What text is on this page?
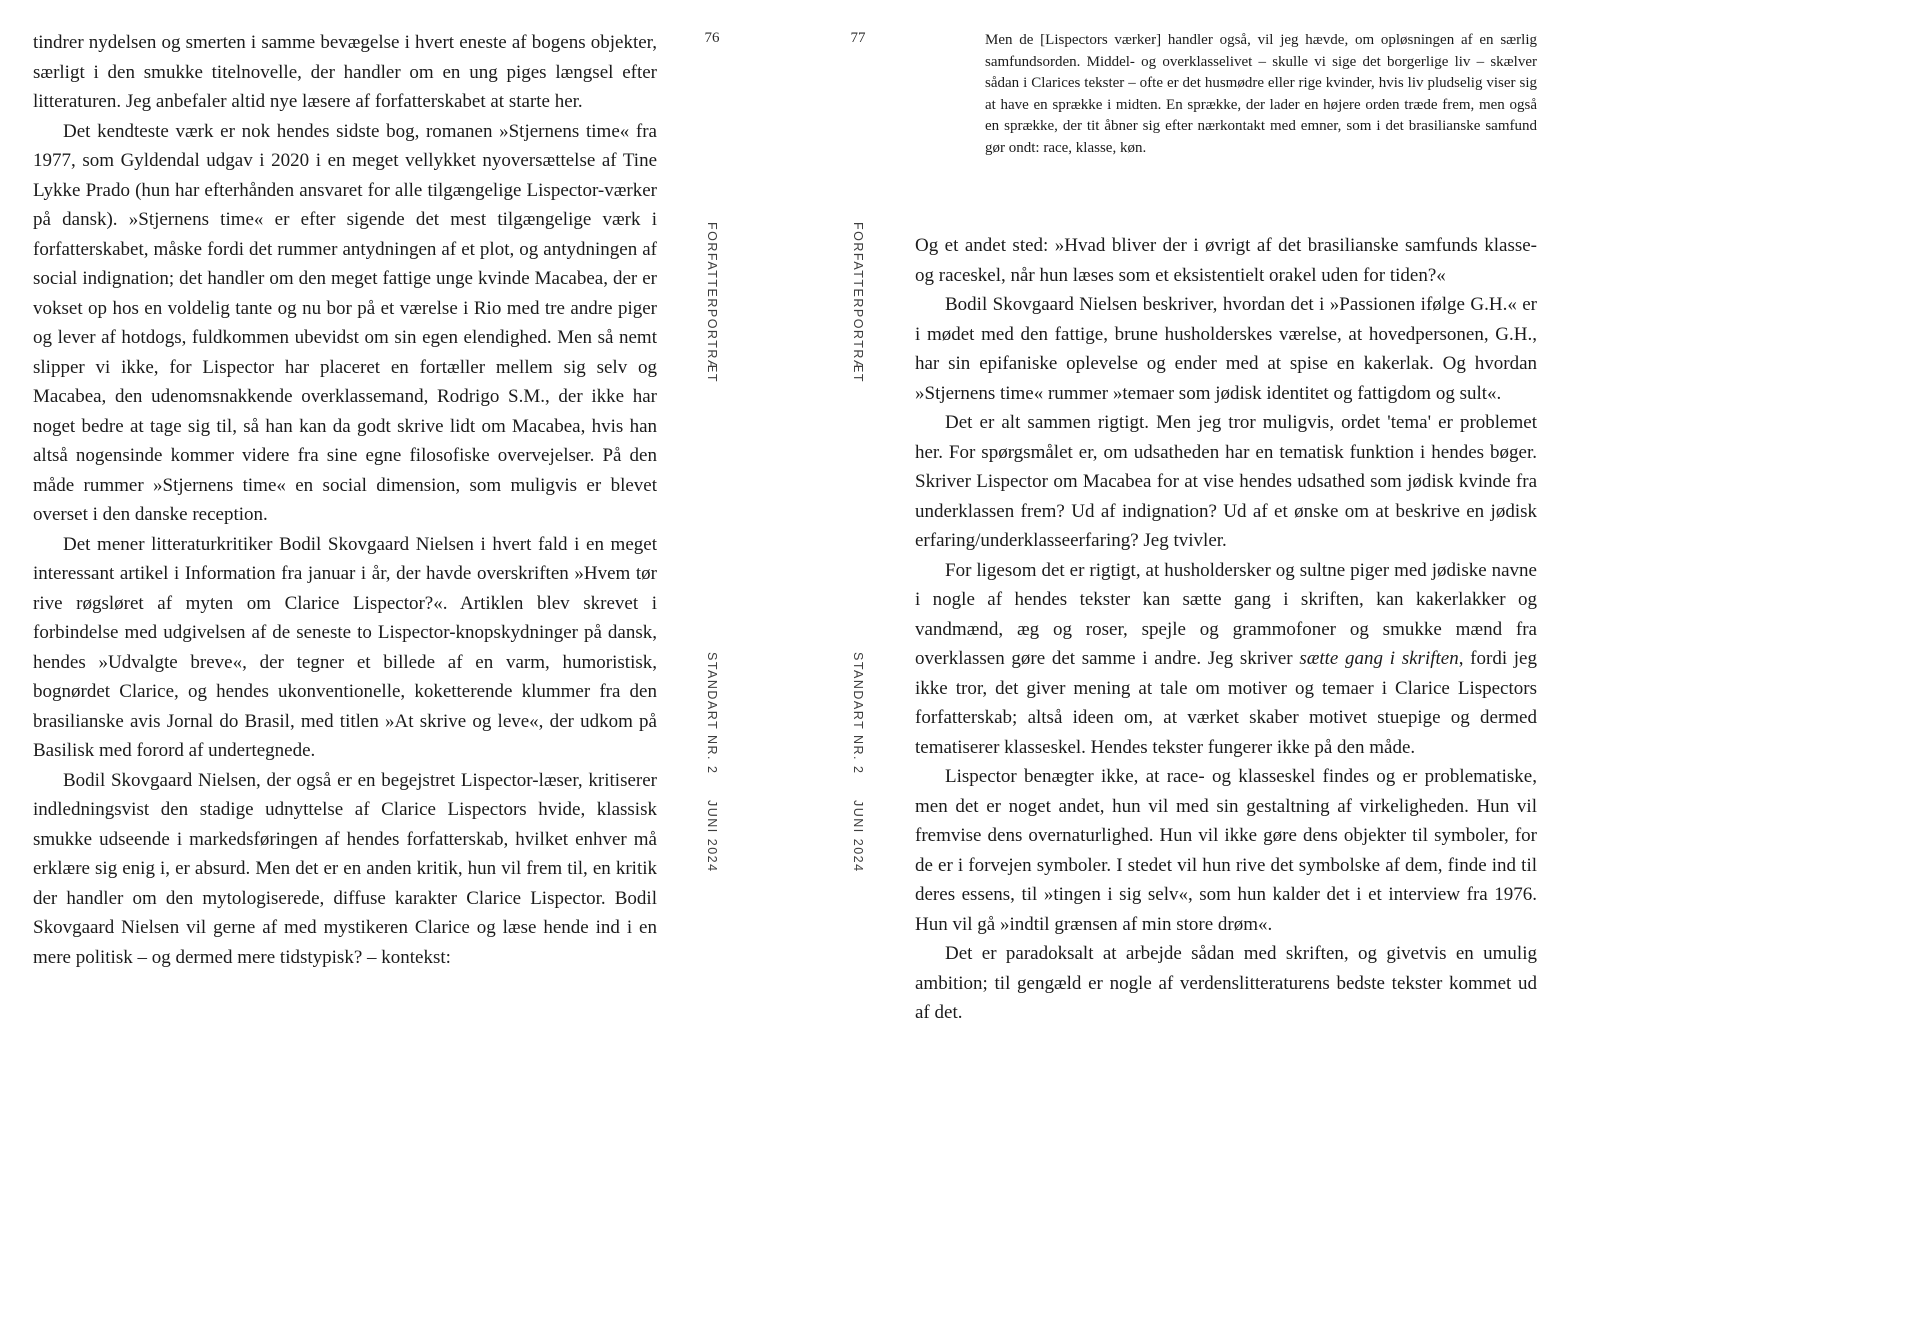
tindrer nydelsen og smerten i samme bevægelse i hvert eneste af bogens objekter, særligt i den smukke titelnovelle, der handler om en ung piges længsel efter litteraturen. Jeg anbefaler altid nye læsere af forfatterskabet at starte her.

Det kendteste værk er nok hendes sidste bog, romanen »Stjernens time« fra 1977, som Gyldendal udgav i 2020 i en meget vellykket nyoversættelse af Tine Lykke Prado (hun har efterhånden ansvaret for alle tilgængelige Lispector-værker på dansk). »Stjernens time« er efter sigende det mest tilgængelige værk i forfatterskabet, måske fordi det rummer antydningen af et plot, og antydningen af social indignation; det handler om den meget fattige unge kvinde Macabea, der er vokset op hos en voldelig tante og nu bor på et værelse i Rio med tre andre piger og lever af hotdogs, fuldkommen ubevidst om sin egen elendighed. Men så nemt slipper vi ikke, for Lispector har placeret en fortæller mellem sig selv og Macabea, den udenomsnakkende overklassemand, Rodrigo S.M., der ikke har noget bedre at tage sig til, så han kan da godt skrive lidt om Macabea, hvis han altså nogensinde kommer videre fra sine egne filosofiske overvejelser. På den måde rummer »Stjernens time« en social dimension, som muligvis er blevet overset i den danske reception.

Det mener litteraturkritiker Bodil Skovgaard Nielsen i hvert fald i en meget interessant artikel i Information fra januar i år, der havde overskriften »Hvem tør rive røgsløret af myten om Clarice Lispector?«. Artiklen blev skrevet i forbindelse med udgivelsen af de seneste to Lispector-knopskydninger på dansk, hendes »Udvalgte breve«, der tegner et billede af en varm, humoristisk, bognørdet Clarice, og hendes ukonventionelle, koketterende klummer fra den brasilianske avis Jornal do Brasil, med titlen »At skrive og leve«, der udkom på Basilisk med forord af undertegnede.

Bodil Skovgaard Nielsen, der også er en begejstret Lispector-læser, kritiserer indledningsvist den stadige udnyttelse af Clarice Lispectors hvide, klassisk smukke udseende i markedsføringen af hendes forfatterskab, hvilket enhver må erklære sig enig i, er absurd. Men det er en anden kritik, hun vil frem til, en kritik der handler om den mytologiserede, diffuse karakter Clarice Lispector. Bodil Skovgaard Nielsen vil gerne af med mystikeren Clarice og læse hende ind i en mere politisk – og dermed mere tidstypisk? – kontekst:

76
FORFATTERPORTRÆT
STANDART NR. 2
JUNI 2024
77
FORFATTERPORTRÆT
STANDART NR. 2
JUNI 2024
Men de [Lispectors værker] handler også, vil jeg hævde, om opløsningen af en særlig samfundsorden. Middel- og overklasselivet – skulle vi sige det borgerlige liv – skælver sådan i Clarices tekster – ofte er det husmødre eller rige kvinder, hvis liv pludselig viser sig at have en sprække i midten. En sprække, der lader en højere orden træde frem, men også en sprække, der tit åbner sig efter nærkontakt med emner, som i det brasilianske samfund gør ondt: race, klasse, køn.

Og et andet sted: »Hvad bliver der i øvrigt af det brasilianske samfunds klasse- og raceskel, når hun læses som et eksistentielt orakel uden for tiden?«

Bodil Skovgaard Nielsen beskriver, hvordan det i »Passionen ifølge G.H.« er i mødet med den fattige, brune husholderskes værelse, at hovedpersonen, G.H., har sin epifaniske oplevelse og ender med at spise en kakerlak. Og hvordan »Stjernens time« rummer »temaer som jødisk identitet og fattigdom og sult«.

Det er alt sammen rigtigt. Men jeg tror muligvis, ordet 'tema' er problemet her. For spørgsmålet er, om udsatheden har en tematisk funktion i hendes bøger. Skriver Lispector om Macabea for at vise hendes udsathed som jødisk kvinde fra underklassen frem? Ud af indignation? Ud af et ønske om at beskrive en jødisk erfaring/underklasseerfaring? Jeg tvivler.

For ligesom det er rigtigt, at husholdersker og sultne piger med jødiske navne i nogle af hendes tekster kan sætte gang i skriften, kan kakerlakker og vandmænd, æg og roser, spejle og grammofoner og smukke mænd fra overklassen gøre det samme i andre. Jeg skriver sætte gang i skriften, fordi jeg ikke tror, det giver mening at tale om motiver og temaer i Clarice Lispectors forfatterskab; altså ideen om, at værket skaber motivet stuepige og dermed tematiserer klasseskel. Hendes tekster fungerer ikke på den måde.

Lispector benægter ikke, at race- og klasseskel findes og er problematiske, men det er noget andet, hun vil med sin gestaltning af virkeligheden. Hun vil fremvise dens overnaturlighed. Hun vil ikke gøre dens objekter til symboler, for de er i forvejen symboler. I stedet vil hun rive det symbolske af dem, finde ind til deres essens, til »tingen i sig selv«, som hun kalder det i et interview fra 1976. Hun vil gå »indtil grænsen af min store drøm«.

Det er paradoksalt at arbejde sådan med skriften, og givetvis en umulig ambition; til gengæld er nogle af verdenslitteraturens bedste tekster kommet ud af det.
